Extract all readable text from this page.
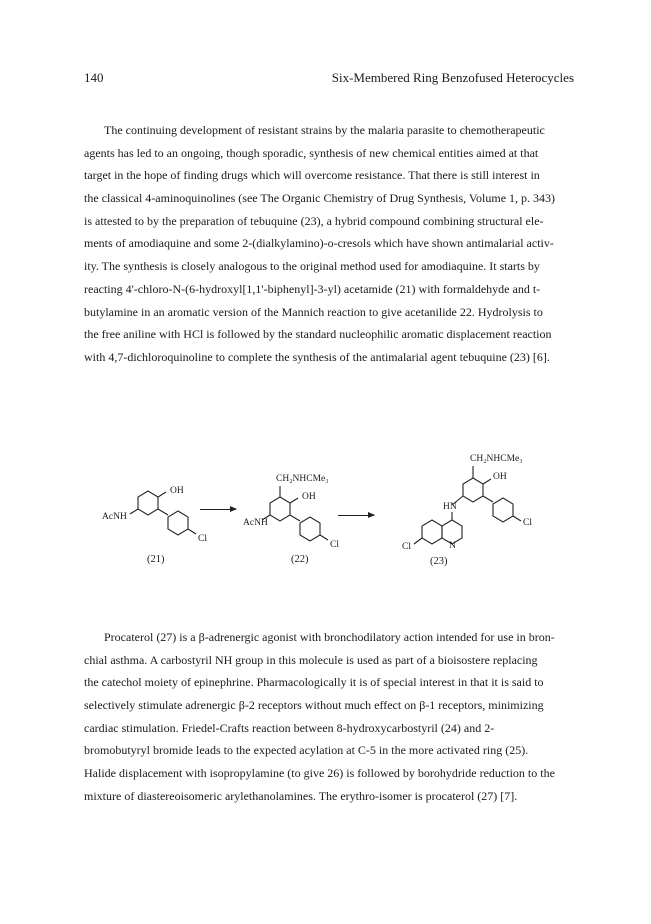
140	Six-Membered Ring Benzofused Heterocycles
The continuing development of resistant strains by the malaria parasite to chemotherapeutic
agents has led to an ongoing, though sporadic, synthesis of new chemical entities aimed at that
target in the hope of finding drugs which will overcome resistance. That there is still interest in
the classical 4-aminoquinolines (see The Organic Chemistry of Drug Synthesis, Volume 1, p. 343)
is attested to by the preparation of tebuquine (23), a hybrid compound combining structural ele-
ments of amodiaquine and some 2-(dialkylamino)-o-cresols which have shown antimalarial activ-
ity. The synthesis is closely analogous to the original method used for amodiaquine. It starts by
reacting 4'-chloro-N-(6-hydroxyl[1,1'-biphenyl]-3-yl) acetamide (21) with formaldehyde and t-
butylamine in an aromatic version of the Mannich reaction to give acetanilide 22. Hydrolysis to
the free aniline with HCl is followed by the standard nucleophilic aromatic displacement reaction
with 4,7-dichloroquinoline to complete the synthesis of the antimalarial agent tebuquine (23) [6].
OH
AcNH
Cl
(21)
CH₂NHCMe₃
OH
AcNH
Cl
(22)
CH₂NHCMe₃
OH
HN
Cl
Cl	N
(23)
Procaterol (27) is a β-adrenergic agonist with bronchodilatory action intended for use in bron-
chial asthma. A carbostyril NH group in this molecule is used as part of a bioisostere replacing
the catechol moiety of epinephrine. Pharmacologically it is of special interest in that it is said to
selectively stimulate adrenergic β-2 receptors without much effect on β-1 receptors, minimizing
cardiac stimulation. Friedel-Crafts reaction between 8-hydroxycarbostyril (24) and 2-
bromobutyryl bromide leads to the expected acylation at C-5 in the more activated ring (25).
Halide displacement with isopropylamine (to give 26) is followed by borohydride reduction to the
mixture of diastereoisomeric arylethanolamines. The erythro-isomer is procaterol (27) [7].
